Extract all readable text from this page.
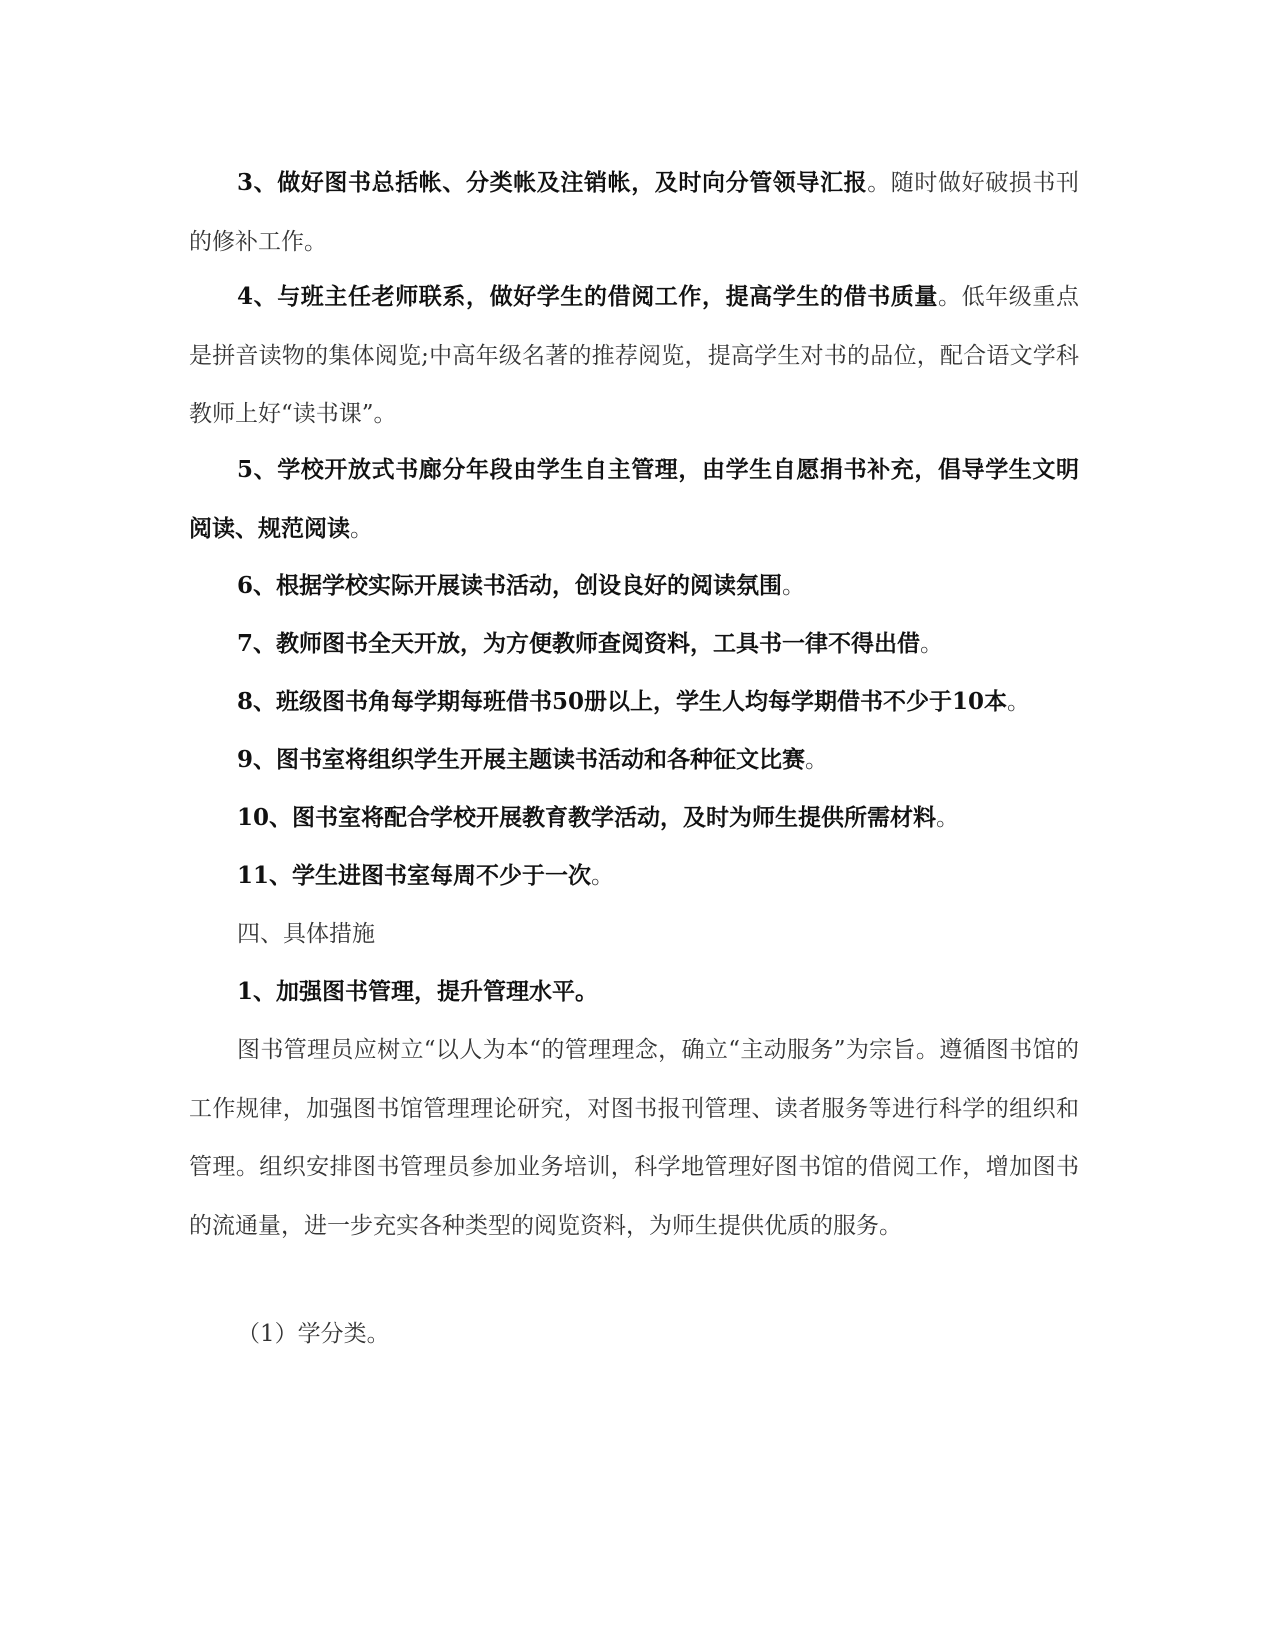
3、做好图书总括帐、分类帐及注销帐，及时向分管领导汇报。随时做好破损书刊的修补工作。

4、与班主任老师联系，做好学生的借阅工作，提高学生的借书质量。低年级重点是拼音读物的集体阅览;中高年级名著的推荐阅览，提高学生对书的品位，配合语文学科教师上好“读书课”。

5、学校开放式书廊分年段由学生自主管理，由学生自愿捐书补充，倡导学生文明阅读、规范阅读。

6、根据学校实际开展读书活动，创设良好的阅读氛围。

7、教师图书全天开放，为方便教师查阅资料，工具书一律不得出借。

8、班级图书角每学期每班借书50册以上，学生人均每学期借书不少于10本。

9、图书室将组织学生开展主题读书活动和各种征文比赛。

10、图书室将配合学校开展教育教学活动，及时为师生提供所需材料。

11、学生进图书室每周不少于一次。

四、具体措施

1、加强图书管理，提升管理水平。

图书管理员应树立“以人为本“的管理理念，确立“主动服务”为宗旨。遵循图书馆的工作规律，加强图书馆管理理论研究，对图书报刊管理、读者服务等进行科学的组织和管理。组织安排图书管理员参加业务培训，科学地管理好图书馆的借阅工作，增加图书的流通量，进一步充实各种类型的阅览资料，为师生提供优质的服务。

（1）学分类。
